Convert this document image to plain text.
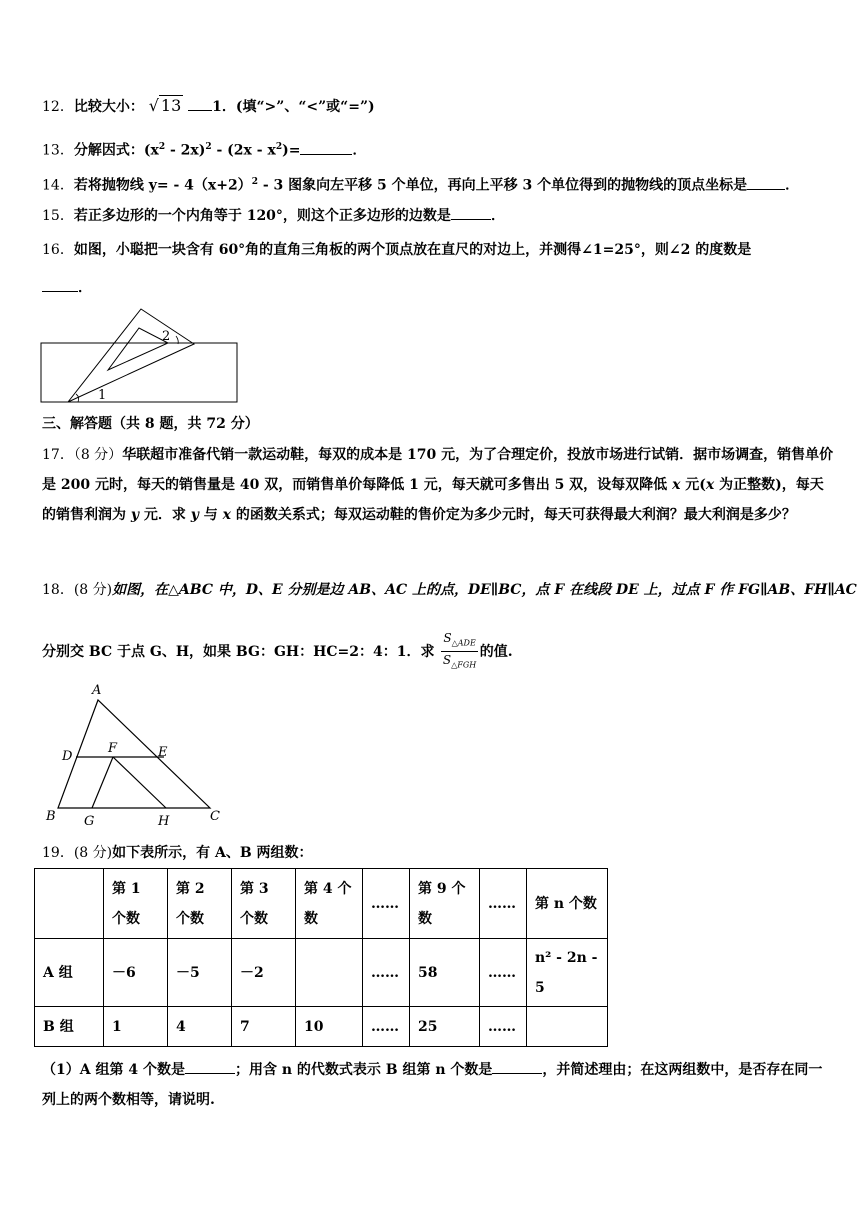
12．比较大小： √ 13 1．(填“>”、“<”或“=”)
13．分解因式：$(x^2 - 2x)^2 - (2x - x^2)=$	．
14．若将抛物线 $y= - 4(x+2)^2 - 3$ 图象向左平移 5 个单位，再向上平移 3 个单位得到的抛物线的顶点坐标是	．
15．若正多边形的一个内角等于 120°，则这个正多边形的边数是	．
16．如图，小聪把一块含有 60°角的直角三角板的两个顶点放在直尺的对边上，并测得∠1=25°，则∠2 的度数是
．
1
2
三、解答题（共 8 题，共 72 分）
17．（8 分）华联超市准备代销一款运动鞋，每双的成本是 170 元，为了合理定价，投放市场进行试销．据市场调查，销售单价是 200 元时，每天的销售量是 40 双，而销售单价每降低 1 元，每天就可多售出 5 双，设每双降低 x 元(x 为正整数)，每天的销售利润为 y 元．求 y 与 x 的函数关系式；每双运动鞋的售价定为多少元时，每天可获得最大利润？最大利润是多少？
18．(8 分)如图，在△ABC 中，D、E 分别是边 AB、AC 上的点，DE∥BC，点 F 在线段 DE 上，过点 F 作 FG∥AB、FH∥AC
分别交 BC 于点 G、H，如果 BG：GH：HC=2：4：1．求 $\frac{S_{\triangle ADE}}{S_{\triangle FGH}}$ 的值.
A
B	C
D	E
F
G	H
19．(8 分)如下表所示，有 A、B 两组数：
	第 1 个数	第 2 个数	第 3 个数	第 4 个数	……	第 9 个数	……	第 n 个数
A 组	－6	－5	－2		……	58	……	n² - 2n - 5
B 组	1	4	7	10	……	25	……	
（1）A 组第 4 个数是	；用含 n 的代数式表示 B 组第 n 个数是	，并简述理由；在这两组数中，是否存在同一列上的两个数相等，请说明.
